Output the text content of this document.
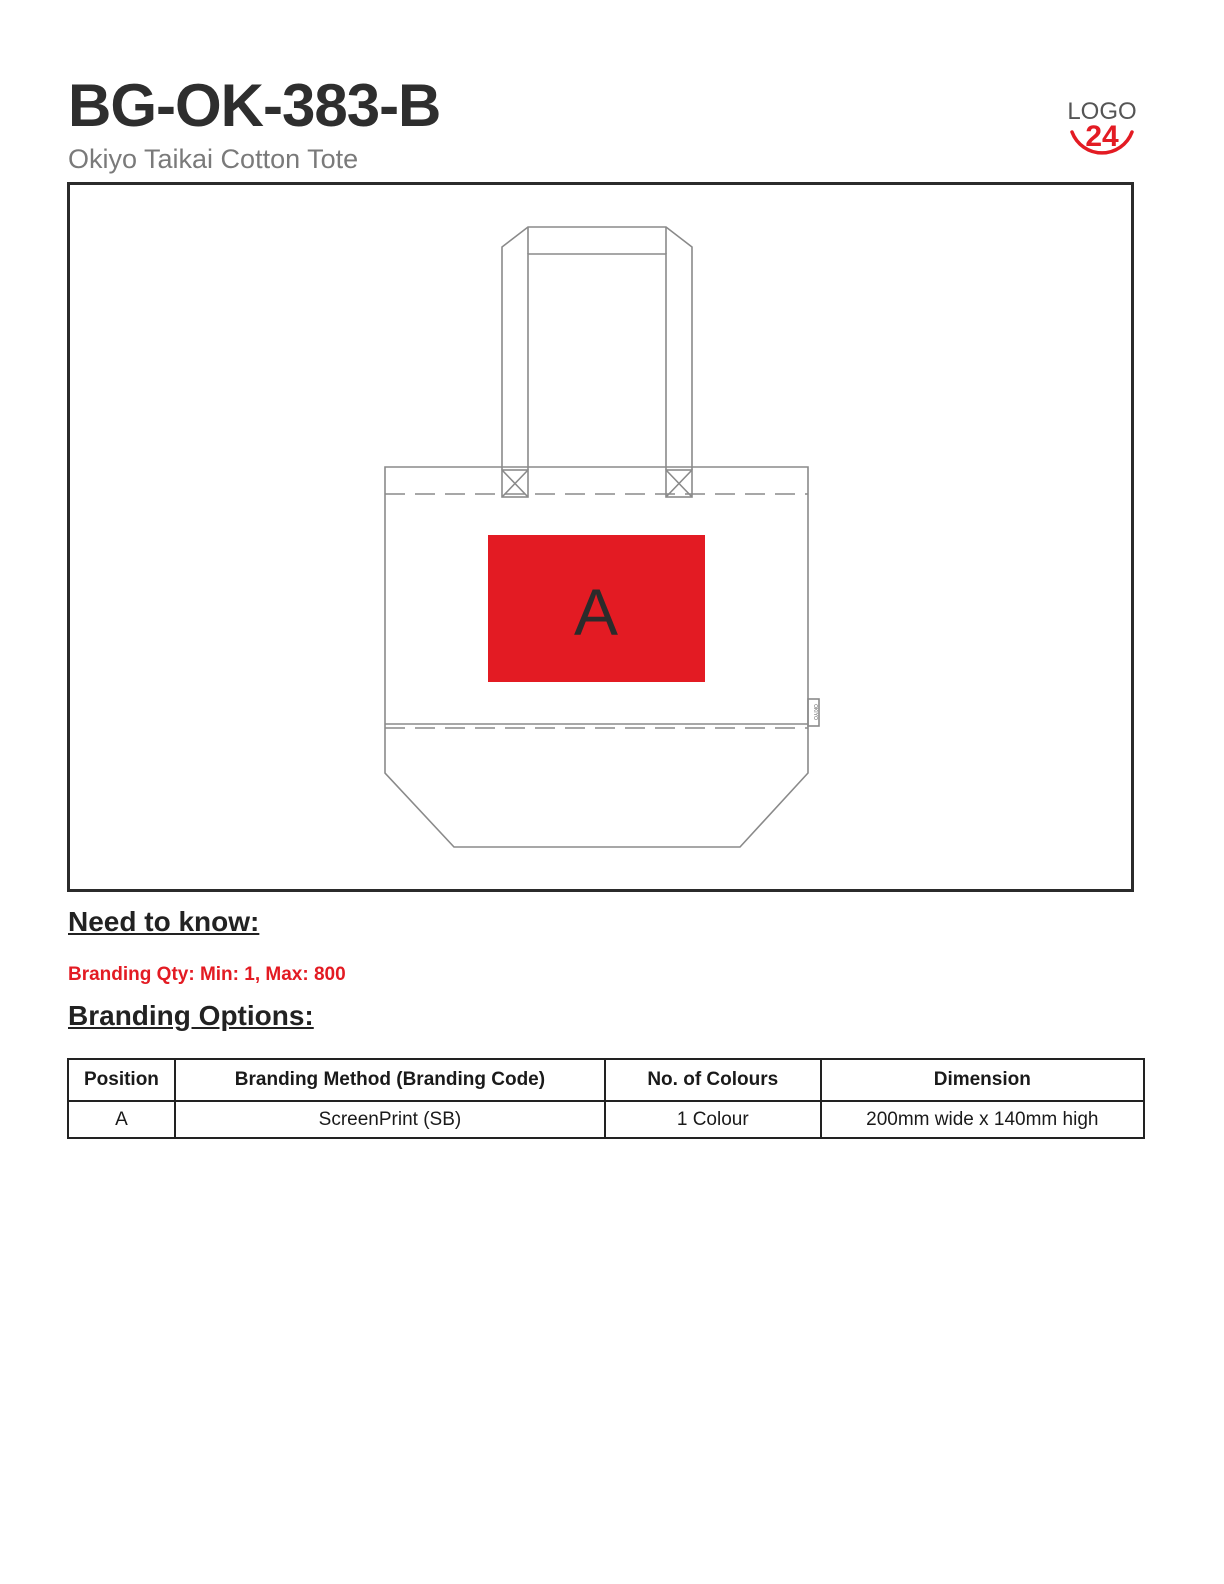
BG-OK-383-B
Okiyo Taikai Cotton Tote
LOGO
24
OKIYO
A
Need to know:
Branding Qty: Min: 1, Max: 800
Branding Options:
Position	Branding Method (Branding Code)	No. of Colours	Dimension
A	ScreenPrint (SB)	1 Colour	200mm wide x 140mm high
